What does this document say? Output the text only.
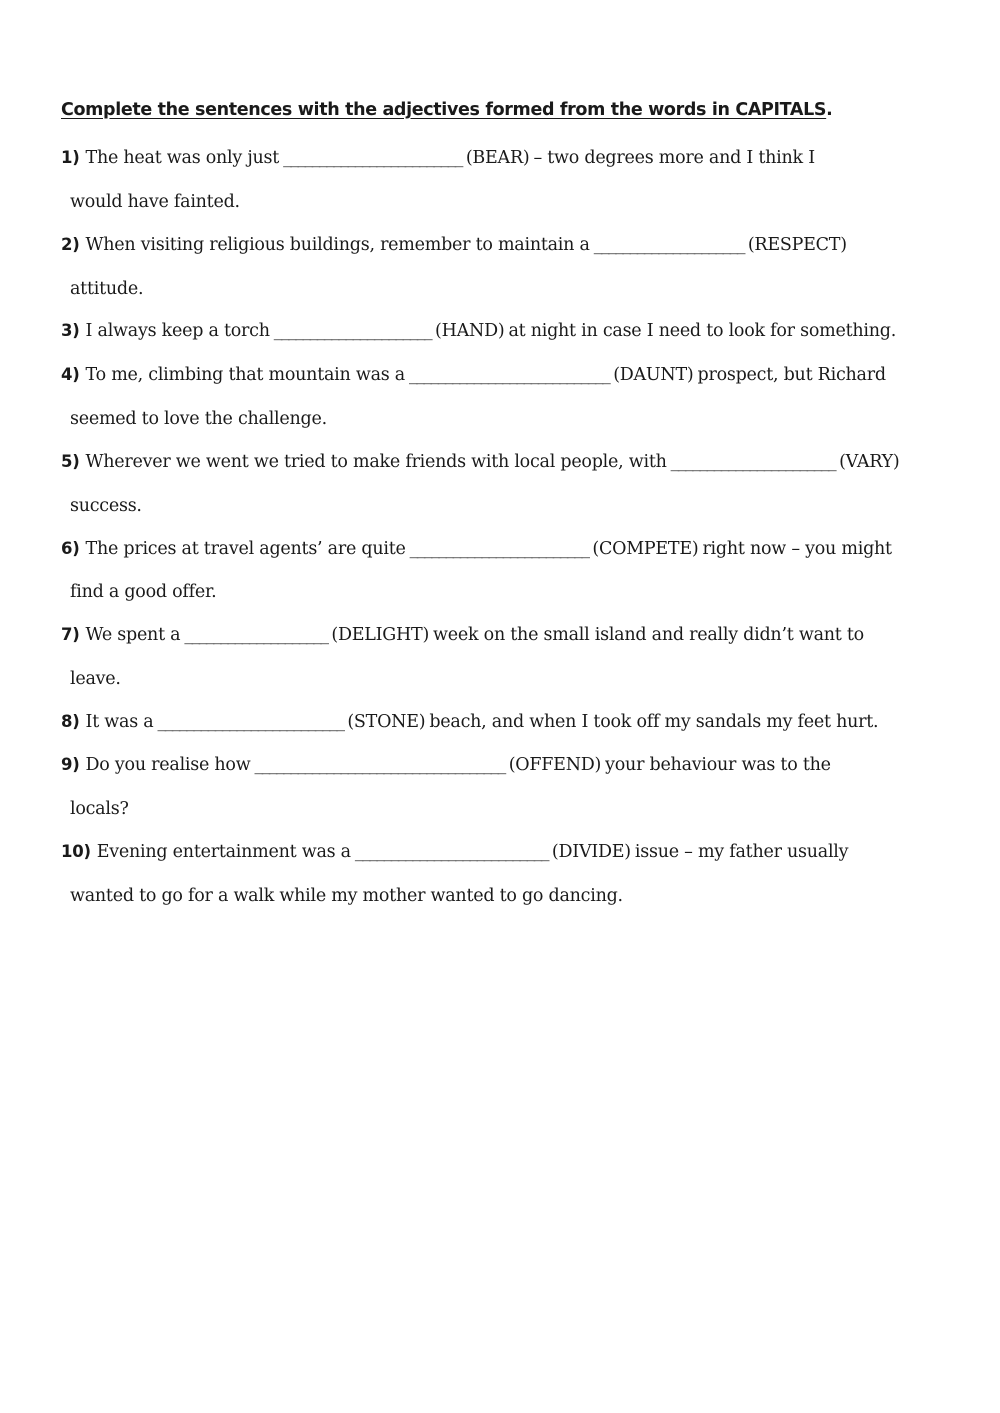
Complete the sentences with the adjectives formed from the words in CAPITALS.
1) The heat was only just _________________________ (BEAR) – two degrees more and I think I
would have fainted.
2) When visiting religious buildings, remember to maintain a _____________________ (RESPECT)
attitude.
3) I always keep a torch ______________________ (HAND) at night in case I need to look for something.
4) To me, climbing that mountain was a ____________________________ (DAUNT) prospect, but Richard
seemed to love the challenge.
5) Wherever we went we tried to make friends with local people, with _______________________ (VARY)
success.
6) The prices at travel agents’ are quite _________________________ (COMPETE) right now – you might
find a good offer.
7) We spent a ____________________ (DELIGHT) week on the small island and really didn’t want to
leave.
8) It was a __________________________ (STONE) beach, and when I took off my sandals my feet hurt.
9) Do you realise how ___________________________________ (OFFEND) your behaviour was to the
locals?
10) Evening entertainment was a ___________________________ (DIVIDE) issue – my father usually
wanted to go for a walk while my mother wanted to go dancing.
